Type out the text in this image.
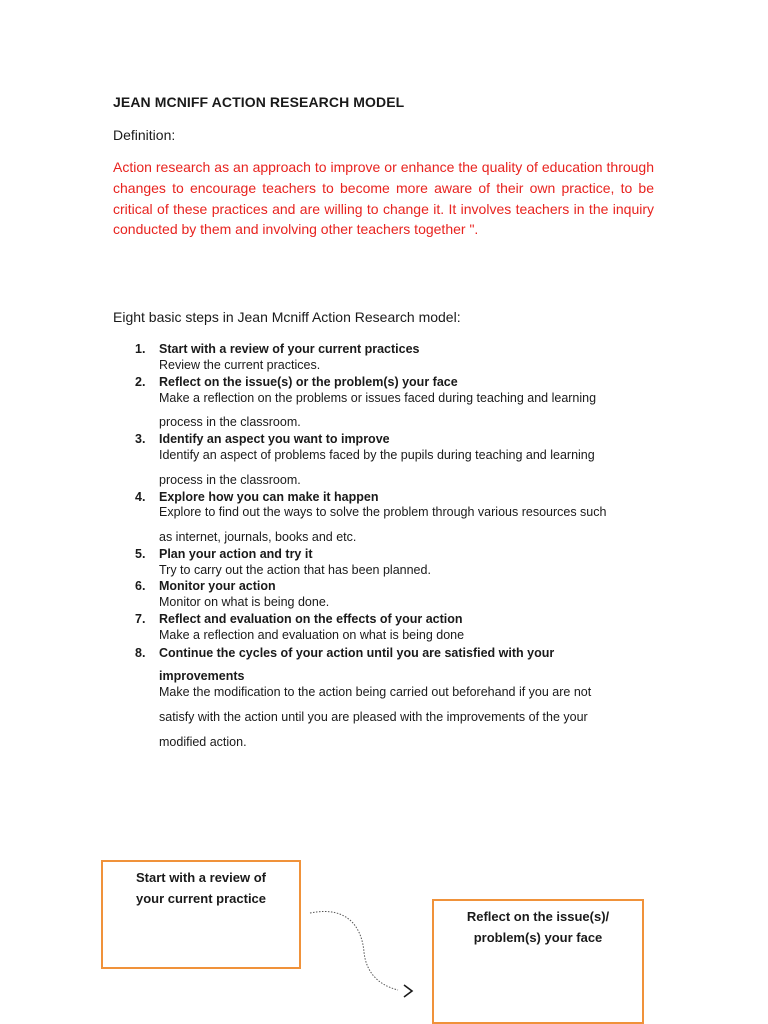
JEAN MCNIFF ACTION RESEARCH MODEL
Definition:

Action research as an approach to improve or enhance the quality of education through changes to encourage teachers to become more aware of their own practice, to be critical of these practices and are willing to change it. It involves teachers in the inquiry conducted by them and involving other teachers together ".

Eight basic steps in Jean Mcniff Action Research model:
1. Start with a review of your current practices
Review the current practices.
2. Reflect on the issue(s) or the problem(s) your face
Make a reflection on the problems or issues faced during teaching and learning
process in the classroom.
3. Identify an aspect you want to improve
Identify an aspect of problems faced by the pupils during teaching and learning
process in the classroom.
4. Explore how you can make it happen
Explore to find out the ways to solve the problem through various resources such
as internet, journals, books and etc.
5. Plan your action and try it
Try to carry out the action that has been planned.
6. Monitor your action
Monitor on what is being done.
7. Reflect and evaluation on the effects of your action
Make a reflection and evaluation on what is being done
8. Continue the cycles of your action until you are satisfied with your
improvements
Make the modification to the action being carried out beforehand if you are not
satisfy with the action until you are pleased with the improvements of the your
modified action.
Start with a review of
your current practice
Reflect on the issue(s)/
problem(s) your face
